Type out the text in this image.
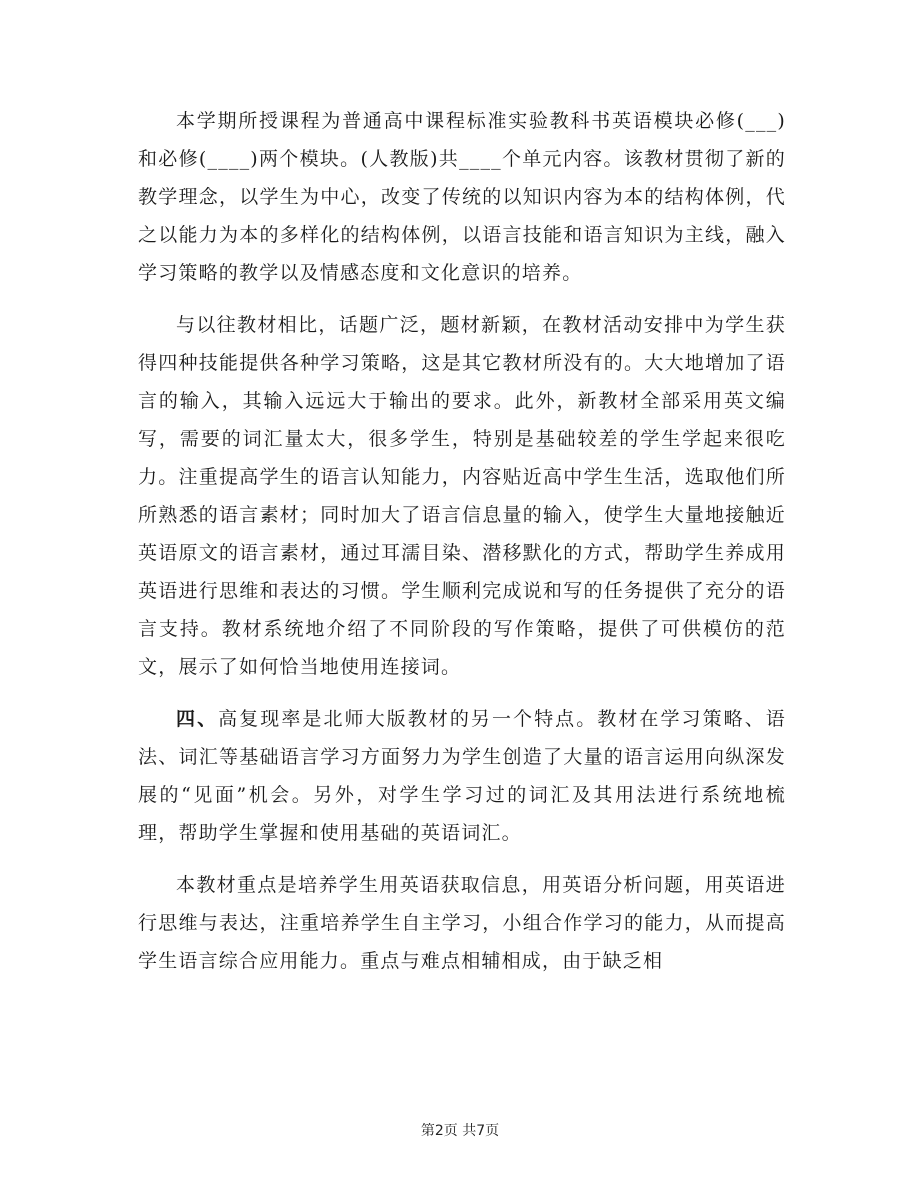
本学期所授课程为普通高中课程标准实验教科书英语模块必修(___)和必修(____)两个模块。(人教版)共____个单元内容。该教材贯彻了新的教学理念，以学生为中心，改变了传统的以知识内容为本的结构体例，代之以能力为本的多样化的结构体例，以语言技能和语言知识为主线，融入学习策略的教学以及情感态度和文化意识的培养。

与以往教材相比，话题广泛，题材新颖，在教材活动安排中为学生获得四种技能提供各种学习策略，这是其它教材所没有的。大大地增加了语言的输入，其输入远远大于输出的要求。此外，新教材全部采用英文编写，需要的词汇量太大，很多学生，特别是基础较差的学生学起来很吃力。注重提高学生的语言认知能力，内容贴近高中学生生活，选取他们所所熟悉的语言素材；同时加大了语言信息量的输入，使学生大量地接触近英语原文的语言素材，通过耳濡目染、潜移默化的方式，帮助学生养成用英语进行思维和表达的习惯。学生顺利完成说和写的任务提供了充分的语言支持。教材系统地介绍了不同阶段的写作策略，提供了可供模仿的范文，展示了如何恰当地使用连接词。

四、高复现率是北师大版教材的另一个特点。教材在学习策略、语法、词汇等基础语言学习方面努力为学生创造了大量的语言运用向纵深发展的“见面”机会。另外，对学生学习过的词汇及其用法进行系统地梳理，帮助学生掌握和使用基础的英语词汇。

本教材重点是培养学生用英语获取信息，用英语分析问题，用英语进行思维与表达，注重培养学生自主学习，小组合作学习的能力，从而提高学生语言综合应用能力。重点与难点相辅相成，由于缺乏相

第2页 共7页
